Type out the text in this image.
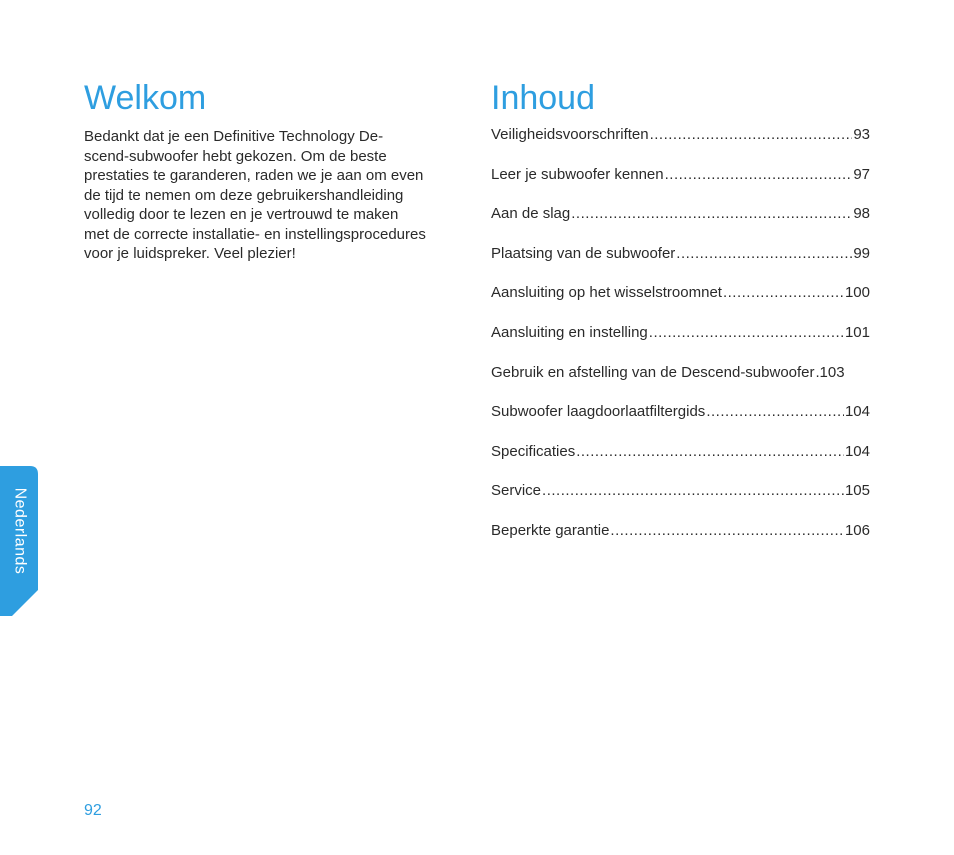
Welkom
Bedankt dat je een Definitive Technology De-
scend-subwoofer hebt gekozen. Om de beste
prestaties te garanderen, raden we je aan om even
de tijd te nemen om deze gebruikershandleiding
volledig door te lezen en je vertrouwd te maken
met de correcte installatie- en instellingsprocedures
voor je luidspreker. Veel plezier!
Inhoud
Veiligheidsvoorschriften .....	93
Leer je subwoofer kennen .....	97
Aan de slag .....	98
Plaatsing van de subwoofer .....	99
Aansluiting op het wisselstroomnet .....	100
Aansluiting en instelling .....	101
Gebruik en afstelling van de Descend-subwoofer ..... 103
Subwoofer laagdoorlaatfiltergids .....	104
Specificaties .....	104
Service .....	105
Beperkte garantie .....	106
Nederlands
92
